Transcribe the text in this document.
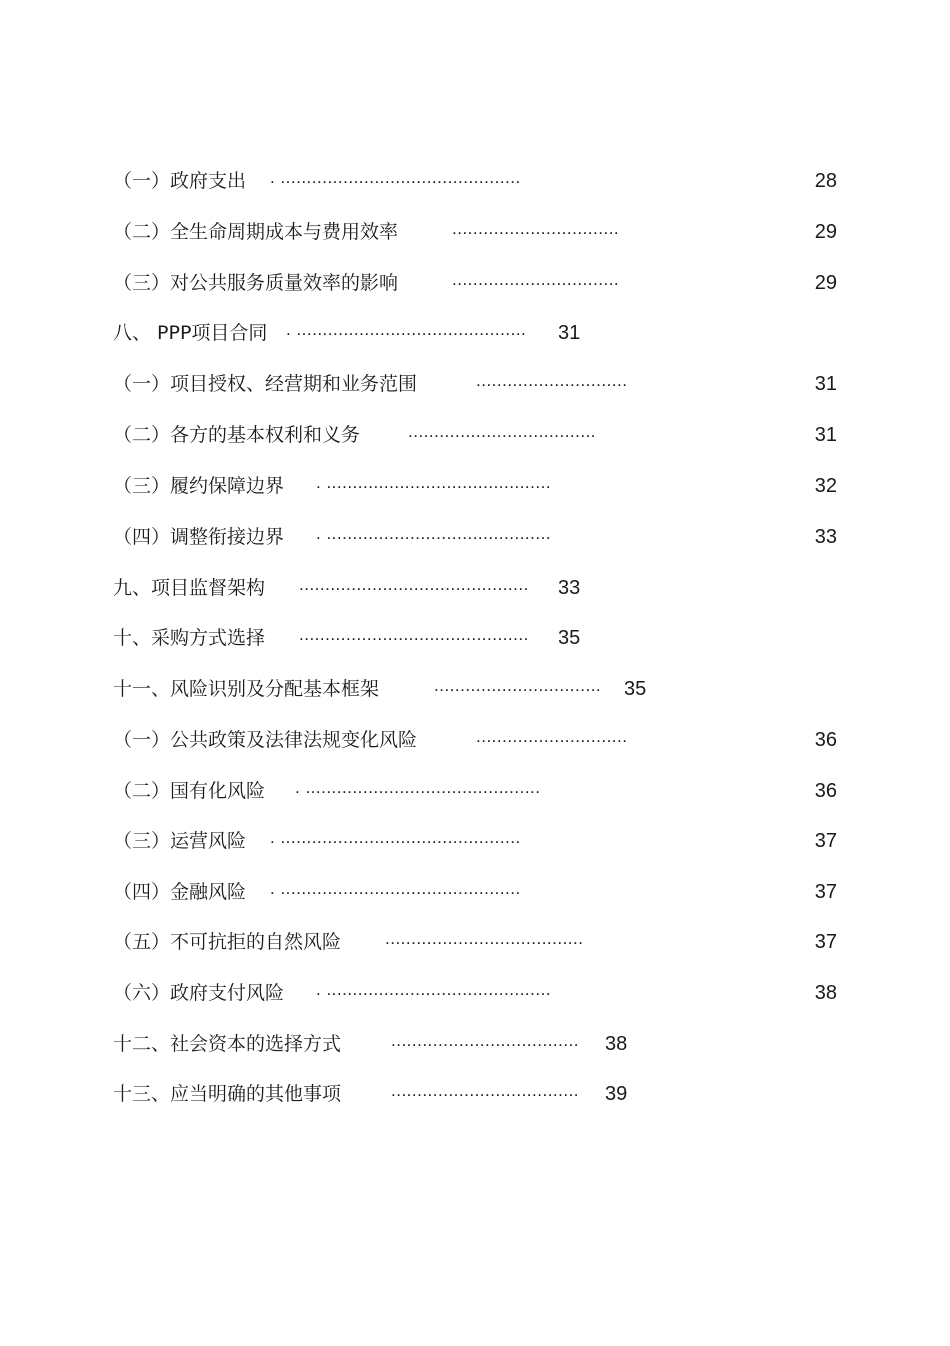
（一）政府支出 . ..............................................	28
（二）全生命周期成本与费用效率	................................	29
（三）对公共服务质量效率的影响	................................	29
八、 PPP项目合同 . ............................................ 31
（一）项目授权、经营期和业务范围	.............................	31
（二）各方的基本权利和义务	....................................	31
（三）履约保障边界 . ...........................................	32
（四）调整衔接边界 . ...........................................	33
九、项目监督架构 ............................................ 33
十、采购方式选择 ............................................ 35
十一、风险识别及分配基本框架	................................ 35
（一）公共政策及法律法规变化风险	.............................	36
（二）国有化风险 . .............................................	36
（三）运营风险 . ..............................................	37
（四）金融风险 . ..............................................	37
（五）不可抗拒的自然风险	......................................	37
（六）政府支付风险 . ...........................................	38
十二、社会资本的选择方式	.................................... 38
十三、应当明确的其他事项	.................................... 39
